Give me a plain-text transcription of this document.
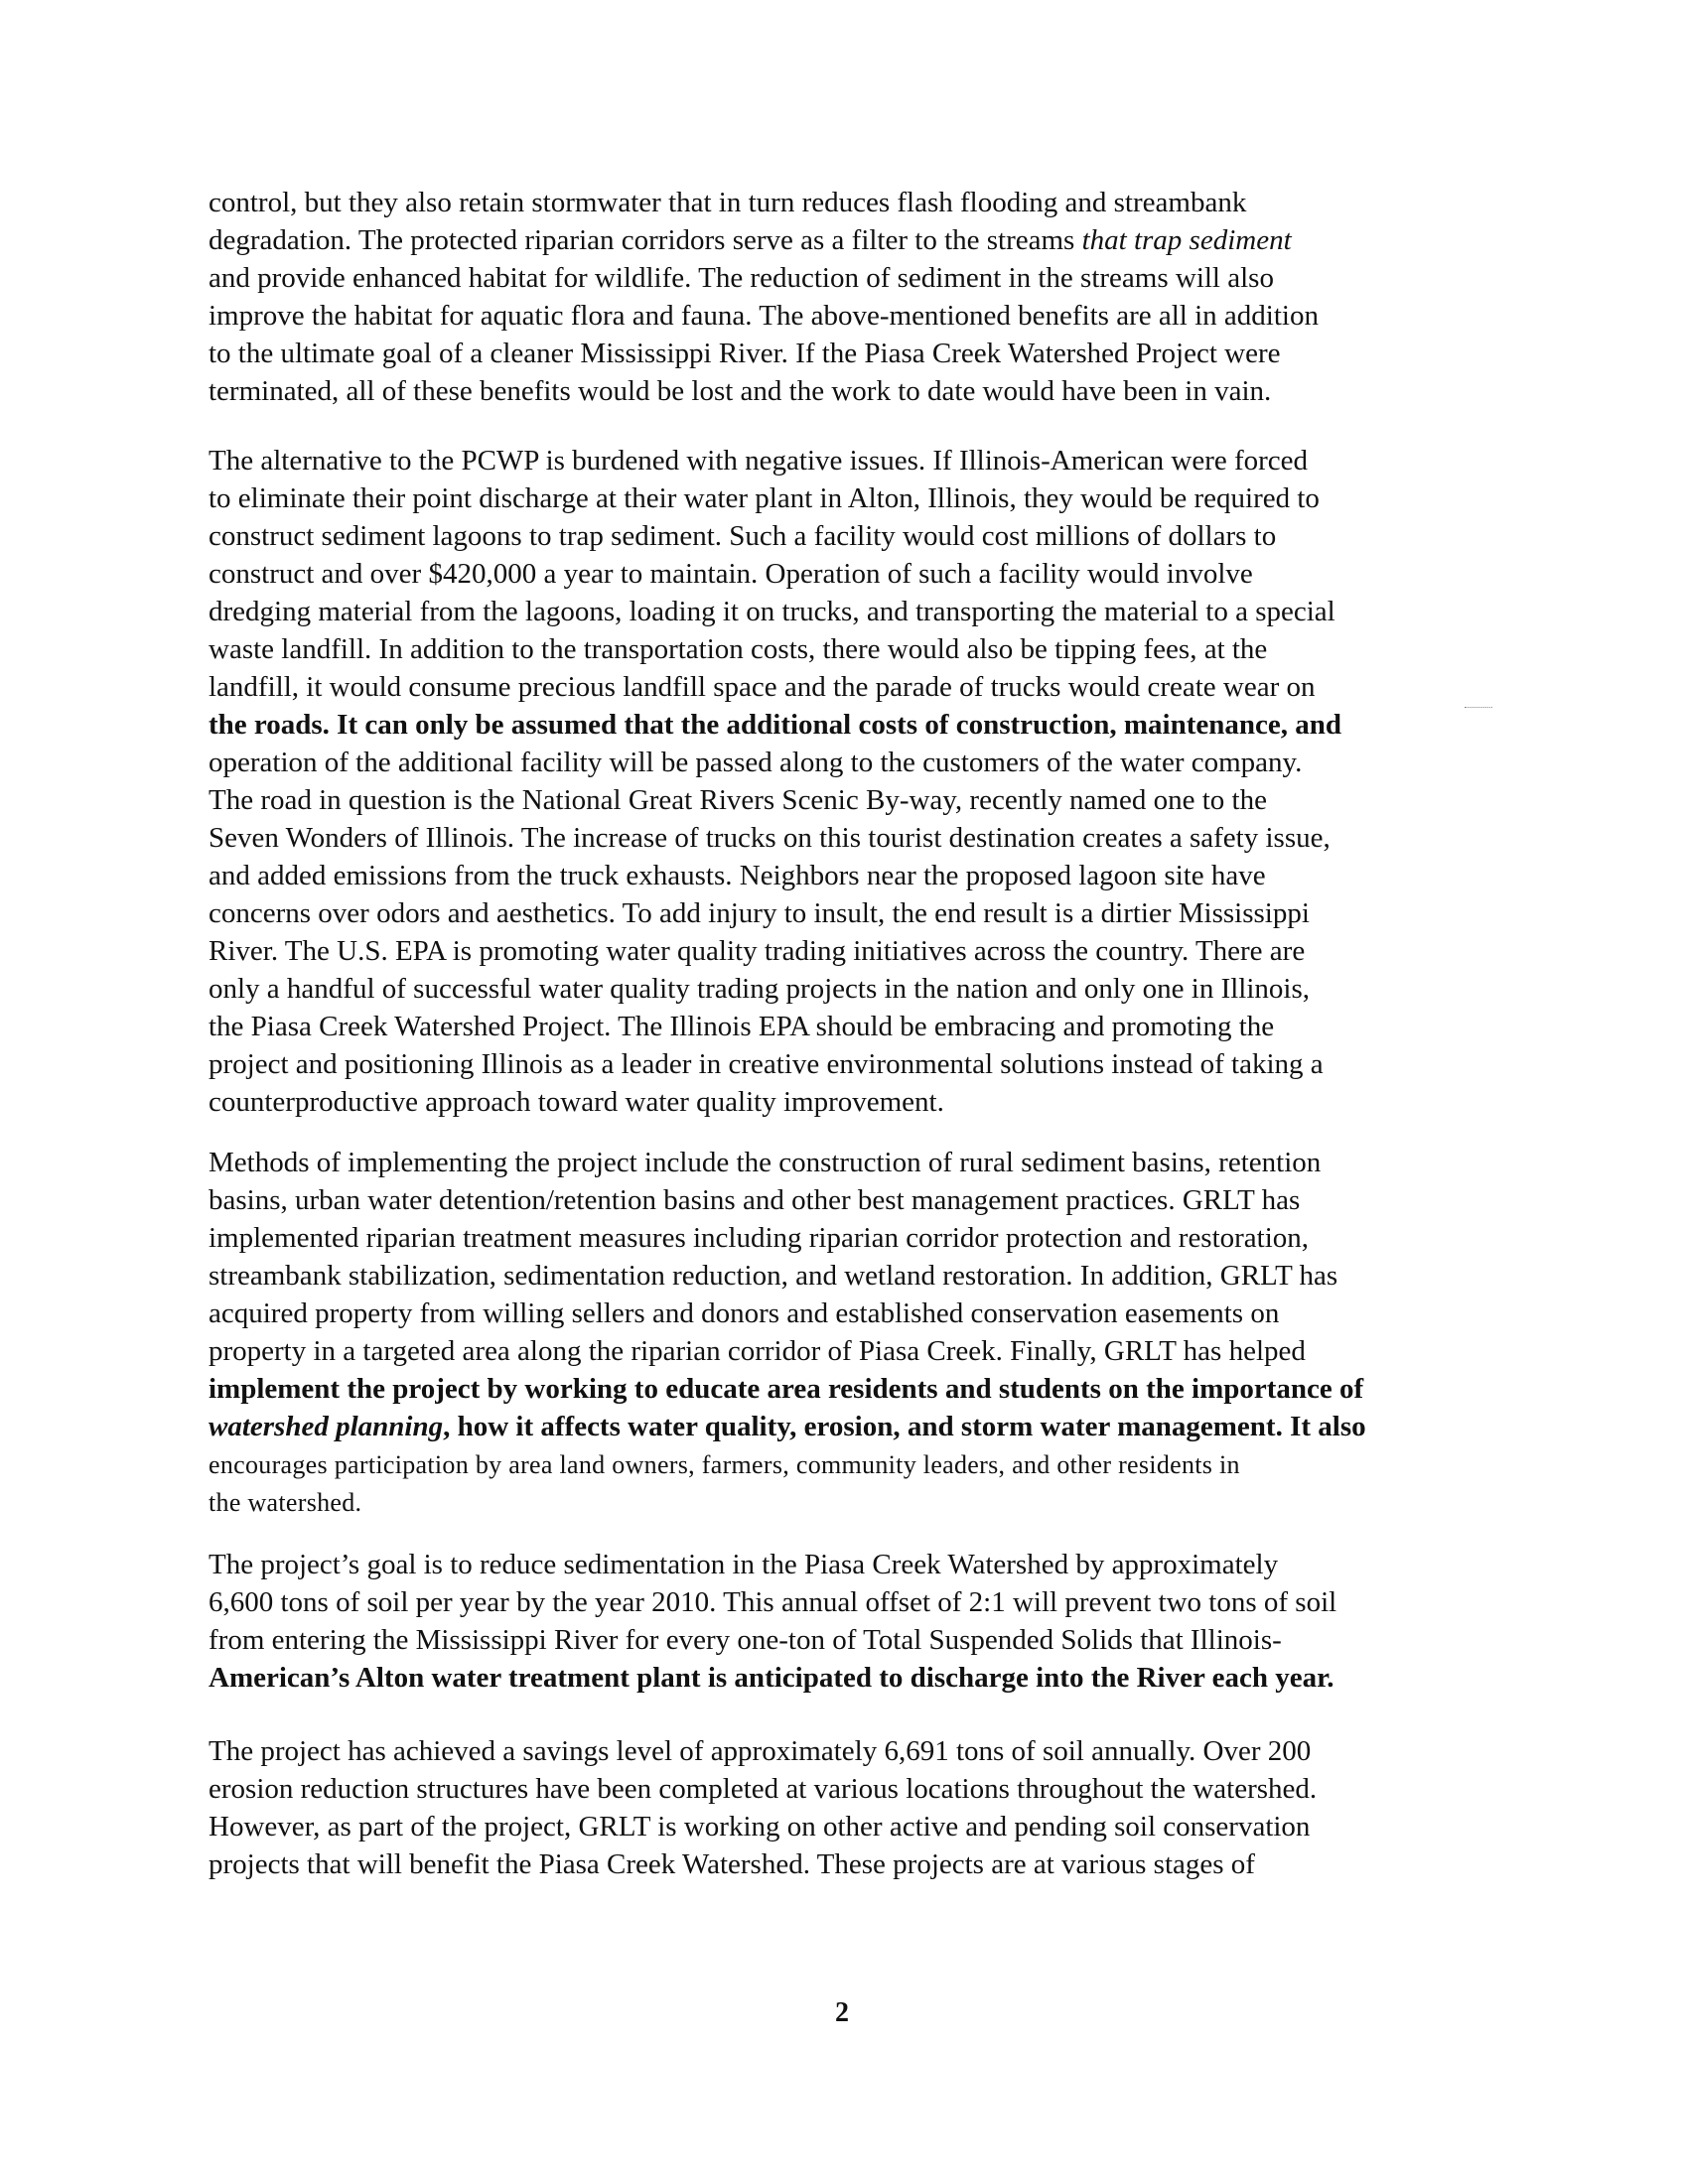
control, but they also retain stormwater that in turn reduces flash flooding and streambank
degradation. The protected riparian corridors serve as a filter to the streams that trap sediment
and provide enhanced habitat for wildlife. The reduction of sediment in the streams will also
improve the habitat for aquatic flora and fauna. The above-mentioned benefits are all in addition
to the ultimate goal of a cleaner Mississippi River. If the Piasa Creek Watershed Project were
terminated, all of these benefits would be lost and the work to date would have been in vain.
The alternative to the PCWP is burdened with negative issues. If Illinois-American were forced
to eliminate their point discharge at their water plant in Alton, Illinois, they would be required to
construct sediment lagoons to trap sediment. Such a facility would cost millions of dollars to
construct and over $420,000 a year to maintain. Operation of such a facility would involve
dredging material from the lagoons, loading it on trucks, and transporting the material to a special
waste landfill. In addition to the transportation costs, there would also be tipping fees, at the
landfill, it would consume precious landfill space and the parade of trucks would create wear on
the roads. It can only be assumed that the additional costs of construction, maintenance, and
operation of the additional facility will be passed along to the customers of the water company.
The road in question is the National Great Rivers Scenic By-way, recently named one to the
Seven Wonders of Illinois. The increase of trucks on this tourist destination creates a safety issue,
and added emissions from the truck exhausts. Neighbors near the proposed lagoon site have
concerns over odors and aesthetics. To add injury to insult, the end result is a dirtier Mississippi
River. The U.S. EPA is promoting water quality trading initiatives across the country. There are
only a handful of successful water quality trading projects in the nation and only one in Illinois,
the Piasa Creek Watershed Project. The Illinois EPA should be embracing and promoting the
project and positioning Illinois as a leader in creative environmental solutions instead of taking a
counterproductive approach toward water quality improvement.
Methods of implementing the project include the construction of rural sediment basins, retention
basins, urban water detention/retention basins and other best management practices. GRLT has
implemented riparian treatment measures including riparian corridor protection and restoration,
streambank stabilization, sedimentation reduction, and wetland restoration. In addition, GRLT has
acquired property from willing sellers and donors and established conservation easements on
property in a targeted area along the riparian corridor of Piasa Creek. Finally, GRLT has helped
implement the project by working to educate area residents and students on the importance of
watershed planning, how it affects water quality, erosion, and storm water management. It also
encourages participation by area land owners, farmers, community leaders, and other residents in
the watershed.
The project’s goal is to reduce sedimentation in the Piasa Creek Watershed by approximately
6,600 tons of soil per year by the year 2010. This annual offset of 2:1 will prevent two tons of soil
from entering the Mississippi River for every one-ton of Total Suspended Solids that Illinois-
American’s Alton water treatment plant is anticipated to discharge into the River each year.
The project has achieved a savings level of approximately 6,691 tons of soil annually. Over 200
erosion reduction structures have been completed at various locations throughout the watershed.
However, as part of the project, GRLT is working on other active and pending soil conservation
projects that will benefit the Piasa Creek Watershed. These projects are at various stages of
2
